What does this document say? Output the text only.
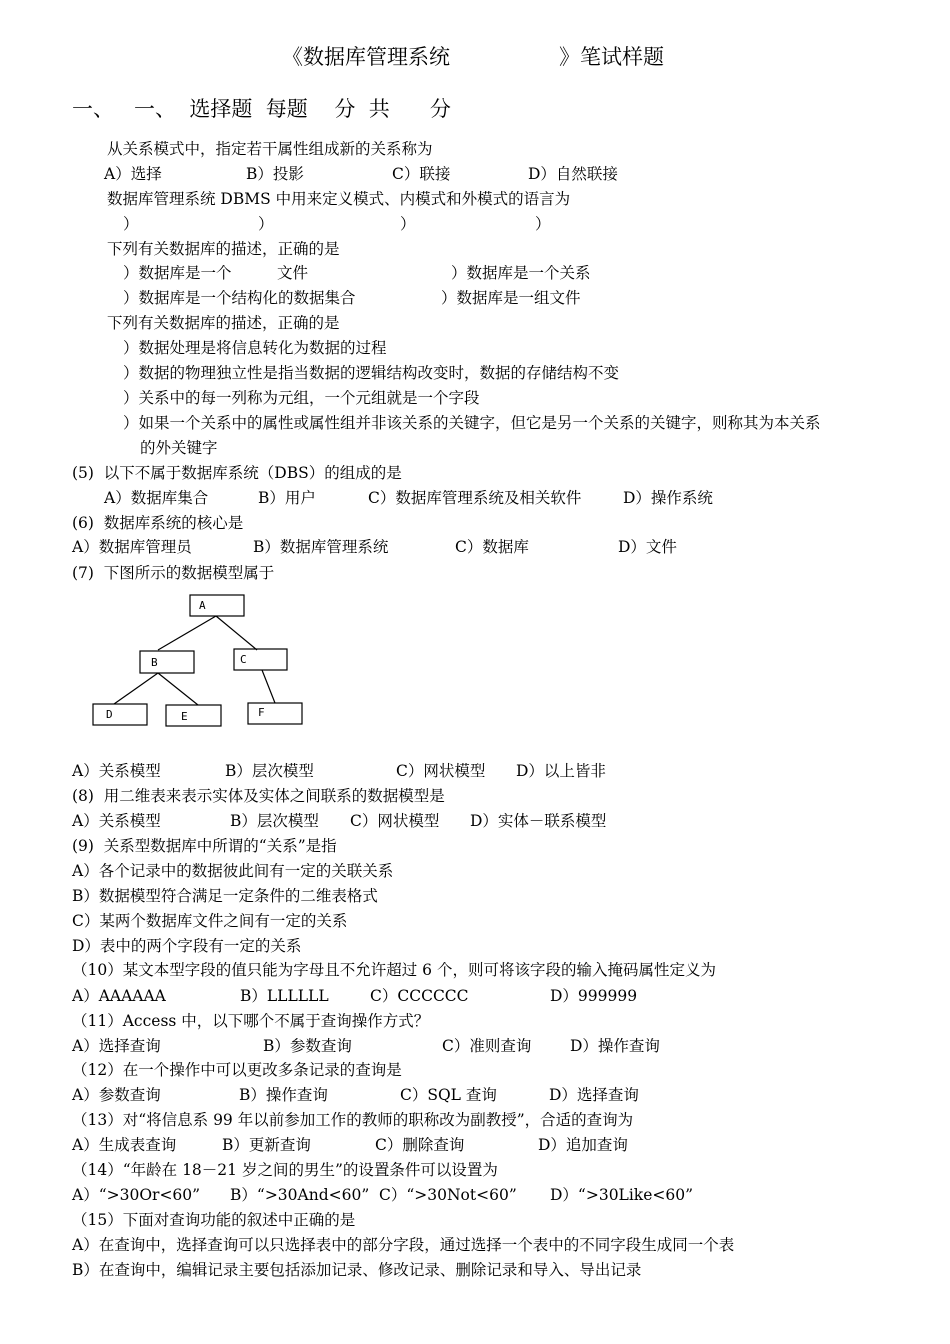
《数据库管理系统	》笔试样题
一、   一、  选择题  每题    分  共      分
从关系模式中，指定若干属性组成新的关系称为
A）选择	B）投影	C）联接	D）自然联接
数据库管理系统 DBMS 中用来定义模式、内模式和外模式的语言为
）	）	）	）
下列有关数据库的描述，正确的是
）数据库是一个	文件	）数据库是一个关系
）数据库是一个结构化的数据集合	）数据库是一组文件
下列有关数据库的描述，正确的是
）数据处理是将信息转化为数据的过程
）数据的物理独立性是指当数据的逻辑结构改变时，数据的存储结构不变
）关系中的每一列称为元组，一个元组就是一个字段
）如果一个关系中的属性或属性组并非该关系的关键字，但它是另一个关系的关键字，则称其为本关系
的外关键字
(5)  以下不属于数据库系统（DBS）的组成的是
A）数据库集合	B）用户	C）数据库管理系统及相关软件	D）操作系统
(6)  数据库系统的核心是
A）数据库管理员	B）数据库管理系统	C）数据库	D）文件
(7)  下图所示的数据模型属于
A
B	C
D	E	F
A）关系模型	B）层次模型	C）网状模型 D）以上皆非
(8)  用二维表来表示实体及实体之间联系的数据模型是
A）关系模型	B）层次模型 C）网状模型 D）实体－联系模型
(9)  关系型数据库中所谓的“关系”是指
A）各个记录中的数据彼此间有一定的关联关系
B）数据模型符合满足一定条件的二维表格式
C）某两个数据库文件之间有一定的关系
D）表中的两个字段有一定的关系
（10）某文本型字段的值只能为字母且不允许超过 6 个，则可将该字段的输入掩码属性定义为
A）AAAAAA	B）LLLLLL	C）CCCCCC	D）999999
（11）Access 中，以下哪个不属于查询操作方式？
A）选择查询	B）参数查询	C）准则查询 D）操作查询
（12）在一个操作中可以更改多条记录的查询是
A）参数查询	B）操作查询	C）SQL 查询	D）选择查询
（13）对“将信息系 99 年以前参加工作的教师的职称改为副教授”，合适的查询为
A）生成表查询	B）更新查询	C）删除查询	D）追加查询
（14）“年龄在 18－21 岁之间的男生”的设置条件可以设置为
A）“>30Or<60” B）“>30And<60” C）“>30Not<60” D）“>30Like<60”
（15）下面对查询功能的叙述中正确的是
A）在查询中，选择查询可以只选择表中的部分字段，通过选择一个表中的不同字段生成同一个表
B）在查询中，编辑记录主要包括添加记录、修改记录、删除记录和导入、导出记录
